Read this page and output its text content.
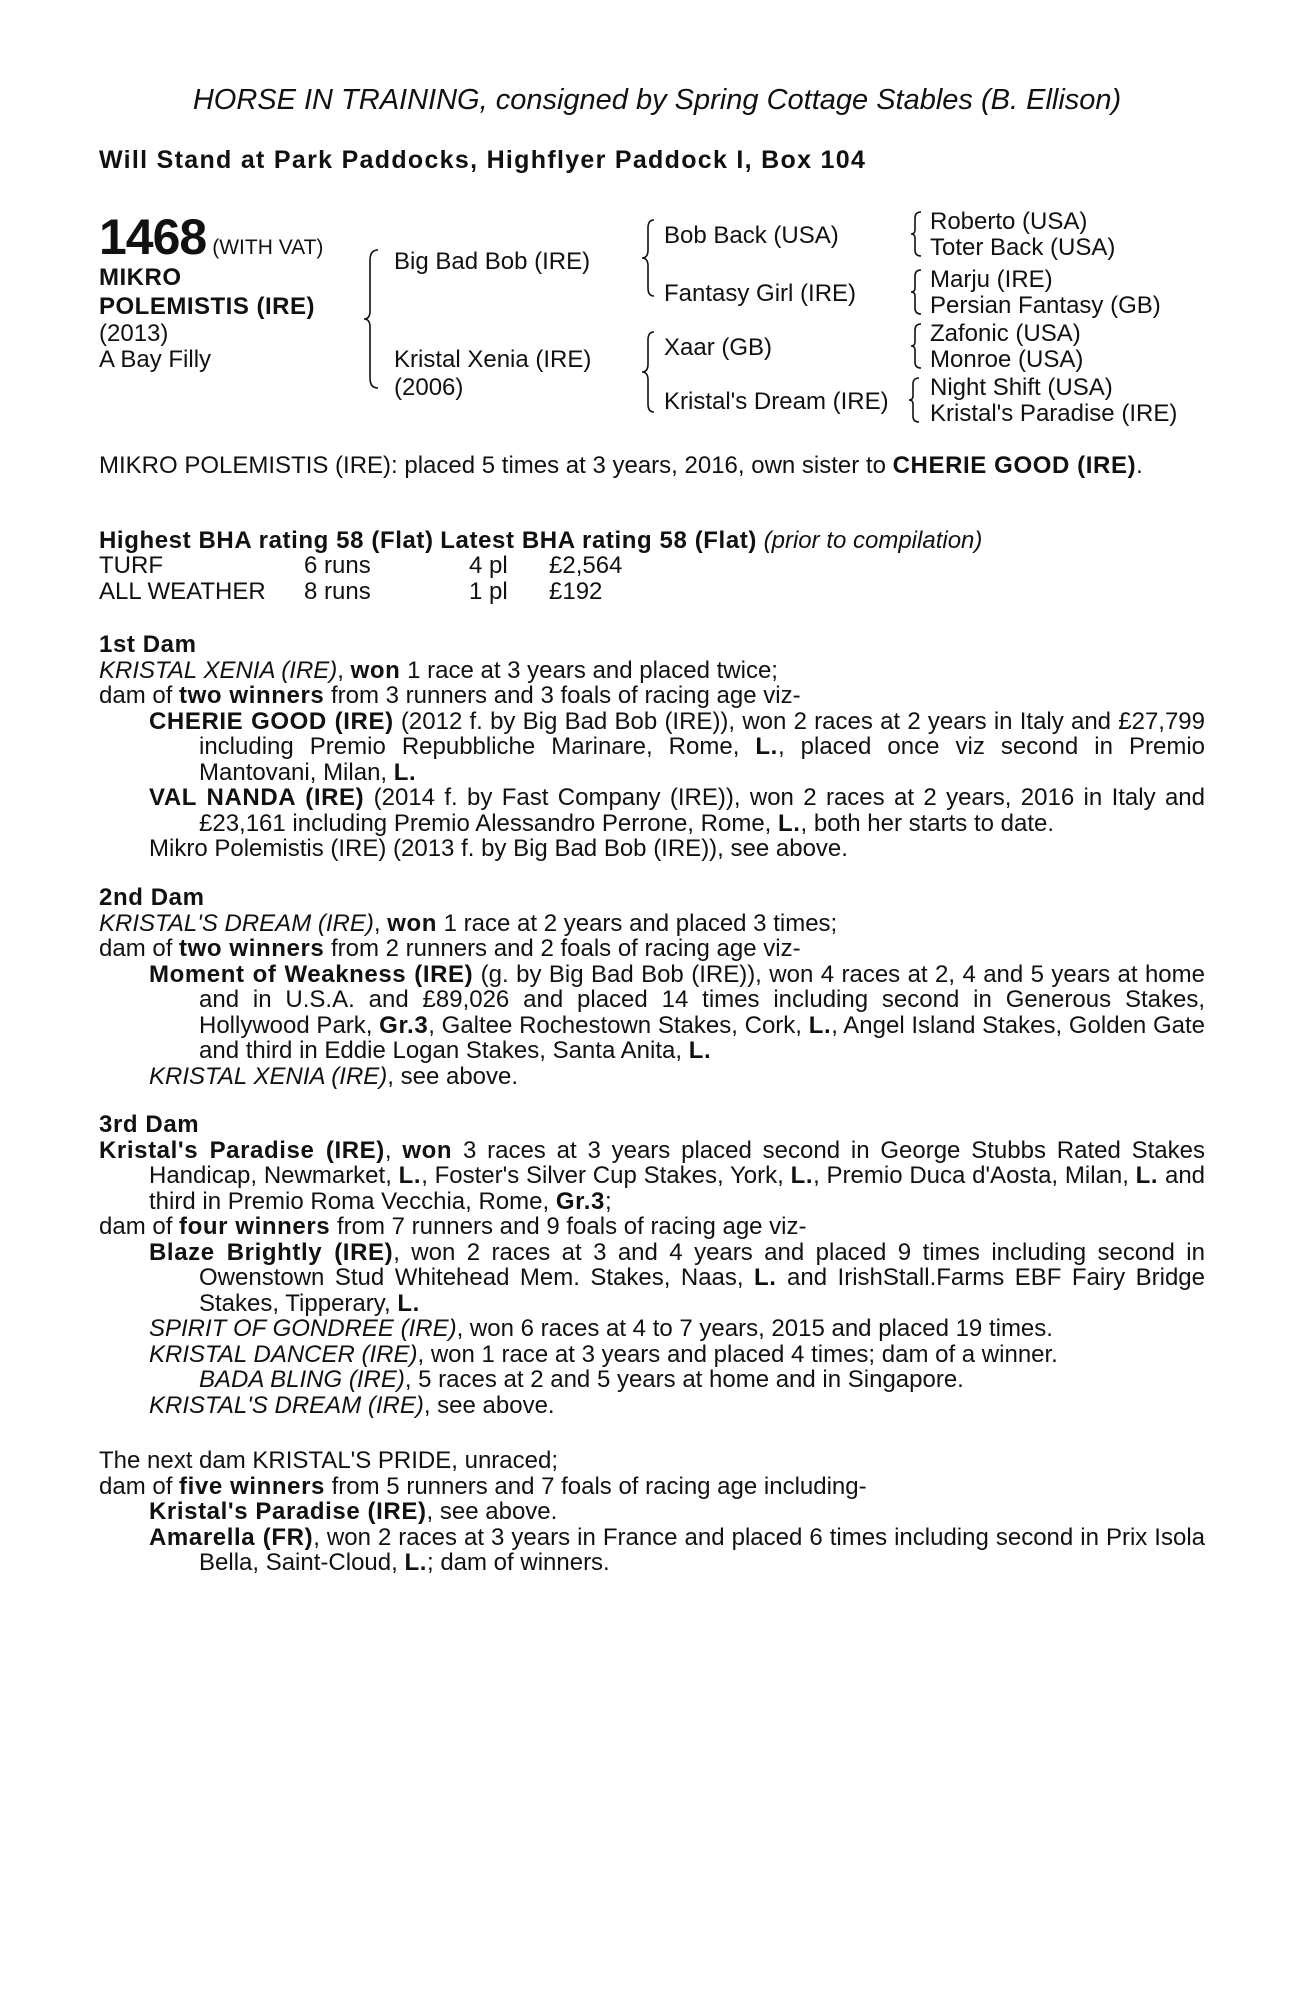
HORSE IN TRAINING, consigned by Spring Cottage Stables (B. Ellison)
Will Stand at Park Paddocks, Highflyer Paddock I, Box 104
1468 (WITH VAT)
MIKRO
POLEMISTIS (IRE)
(2013)
A Bay Filly
Big Bad Bob (IRE)
Kristal Xenia (IRE)
(2006)
Bob Back (USA)
Fantasy Girl (IRE)
Xaar (GB)
Kristal's Dream (IRE)
Roberto (USA)
Toter Back (USA)
Marju (IRE)
Persian Fantasy (GB)
Zafonic (USA)
Monroe (USA)
Night Shift (USA)
Kristal's Paradise (IRE)

MIKRO POLEMISTIS (IRE): placed 5 times at 3 years, 2016, own sister to CHERIE GOOD (IRE).

Highest BHA rating 58 (Flat) Latest BHA rating 58 (Flat) (prior to compilation)
TURF	6 runs	4 pl £2,564
ALL WEATHER 8 runs	1 pl £192

1st Dam

KRISTAL XENIA (IRE), won 1 race at 3 years and placed twice;

dam of two winners from 3 runners and 3 foals of racing age viz-

CHERIE GOOD (IRE) (2012 f. by Big Bad Bob (IRE)), won 2 races at 2 years in Italy and £27,799 including Premio Repubbliche Marinare, Rome, L., placed once viz second in Premio Mantovani, Milan, L.

VAL NANDA (IRE) (2014 f. by Fast Company (IRE)), won 2 races at 2 years, 2016 in Italy and £23,161 including Premio Alessandro Perrone, Rome, L., both her starts to date.

Mikro Polemistis (IRE) (2013 f. by Big Bad Bob (IRE)), see above.

2nd Dam

KRISTAL'S DREAM (IRE), won 1 race at 2 years and placed 3 times;

dam of two winners from 2 runners and 2 foals of racing age viz-

Moment of Weakness (IRE) (g. by Big Bad Bob (IRE)), won 4 races at 2, 4 and 5 years at home and in U.S.A. and £89,026 and placed 14 times including second in Generous Stakes, Hollywood Park, Gr.3, Galtee Rochestown Stakes, Cork, L., Angel Island Stakes, Golden Gate and third in Eddie Logan Stakes, Santa Anita, L.

KRISTAL XENIA (IRE), see above.

3rd Dam

Kristal's Paradise (IRE), won 3 races at 3 years placed second in George Stubbs Rated Stakes Handicap, Newmarket, L., Foster's Silver Cup Stakes, York, L., Premio Duca d'Aosta, Milan, L. and third in Premio Roma Vecchia, Rome, Gr.3;

dam of four winners from 7 runners and 9 foals of racing age viz-

Blaze Brightly (IRE), won 2 races at 3 and 4 years and placed 9 times including second in Owenstown Stud Whitehead Mem. Stakes, Naas, L. and IrishStall.Farms EBF Fairy Bridge Stakes, Tipperary, L.

SPIRIT OF GONDREE (IRE), won 6 races at 4 to 7 years, 2015 and placed 19 times.

KRISTAL DANCER (IRE), won 1 race at 3 years and placed 4 times; dam of a winner.

BADA BLING (IRE), 5 races at 2 and 5 years at home and in Singapore.

KRISTAL'S DREAM (IRE), see above.

The next dam KRISTAL'S PRIDE, unraced;

dam of five winners from 5 runners and 7 foals of racing age including-

Kristal's Paradise (IRE), see above.

Amarella (FR), won 2 races at 3 years in France and placed 6 times including second in Prix Isola Bella, Saint-Cloud, L.; dam of winners.
